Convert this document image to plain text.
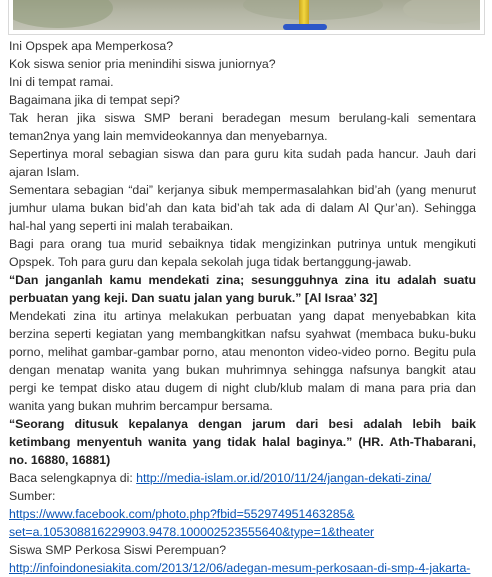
Ini Opspek apa Memperkosa?

Kok siswa senior pria menindihi siswa juniornya?

Ini di tempat ramai.

Bagaimana jika di tempat sepi?

Tak heran jika siswa SMP berani beradegan mesum berulang-kali sementara teman2nya yang lain memvideokannya dan menyebarnya.

Sepertinya moral sebagian siswa dan para guru kita sudah pada hancur. Jauh dari ajaran Islam.

Sementara sebagian “dai” kerjanya sibuk mempermasalahkan bid’ah (yang menurut jumhur ulama bukan bid’ah dan kata bid’ah tak ada di dalam Al Qur’an). Sehingga hal-hal yang seperti ini malah terabaikan.

Bagi para orang tua murid sebaiknya tidak mengizinkan putrinya untuk mengikuti Opspek. Toh para guru dan kepala sekolah juga tidak bertanggung-jawab.

“Dan janganlah kamu mendekati zina; sesungguhnya zina itu adalah suatu perbuatan yang keji. Dan suatu jalan yang buruk.” [Al Israa’ 32]

Mendekati zina itu artinya melakukan perbuatan yang dapat menyebabkan kita berzina seperti kegiatan yang membangkitkan nafsu syahwat (membaca buku-buku porno, melihat gambar-gambar porno, atau menonton video-video porno. Begitu pula dengan menatap wanita yang bukan muhrimnya sehingga nafsunya bangkit atau pergi ke tempat disko atau dugem di night club/klub malam di mana para pria dan wanita yang bukan muhrim bercampur bersama.

“Seorang ditusuk kepalanya dengan jarum dari besi adalah lebih baik ketimbang menyentuh wanita yang tidak halal baginya.” (HR. Ath-Thabarani, no. 16880, 16881)

Baca selengkapnya di: http://media-islam.or.id/2010/11/24/jangan-dekati-zina/

Sumber:

https://www.facebook.com/photo.php?fbid=552974951463285&

set=a.105308816229903.9478.100002523555640&type=1&theater

Siswa SMP Perkosa Siswi Perempuan?

http://infoindonesiakita.com/2013/12/06/adegan-mesum-perkosaan-di-smp-4-jakarta-
